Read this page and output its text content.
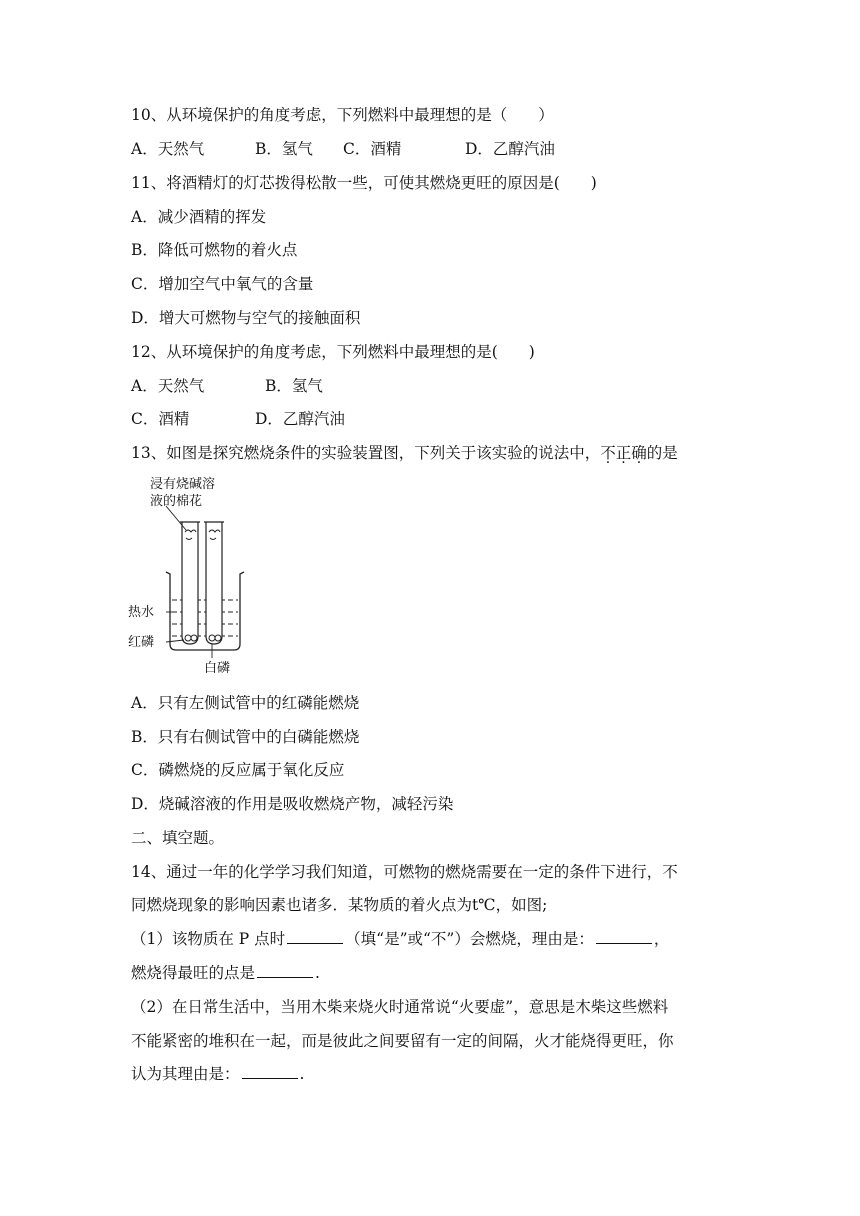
10、从环境保护的角度考虑，下列燃料中最理想的是（　　）
A．天然气	B．氢气 C．酒精	D．乙醇汽油
11、将酒精灯的灯芯拨得松散一些，可使其燃烧更旺的原因是(　　)
A．减少酒精的挥发
B．降低可燃物的着火点
C．增加空气中氧气的含量
D．增大可燃物与空气的接触面积
12、从环境保护的角度考虑，下列燃料中最理想的是(　　)
A．天然气	B．氢气
C．酒精	D．乙醇汽油
13、如图是探究燃烧条件的实验装置图，下列关于该实验的说法中，不正确的是
浸有烧碱溶
液的棉花
热水
红磷
白磷
A．只有左侧试管中的红磷能燃烧
B．只有右侧试管中的白磷能燃烧
C．磷燃烧的反应属于氧化反应
D．烧碱溶液的作用是吸收燃烧产物，减轻污染
二、填空题。
14、通过一年的化学学习我们知道，可燃物的燃烧需要在一定的条件下进行，不
同燃烧现象的影响因素也诸多．某物质的着火点为t℃，如图;
（1）该物质在 P 点时	（填“是”或“不”）会燃烧，理由是：	，
燃烧得最旺的点是	.
（2）在日常生活中，当用木柴来烧火时通常说“火要虚”，意思是木柴这些燃料
不能紧密的堆积在一起，而是彼此之间要留有一定的间隔，火才能烧得更旺，你
认为其理由是：	.
